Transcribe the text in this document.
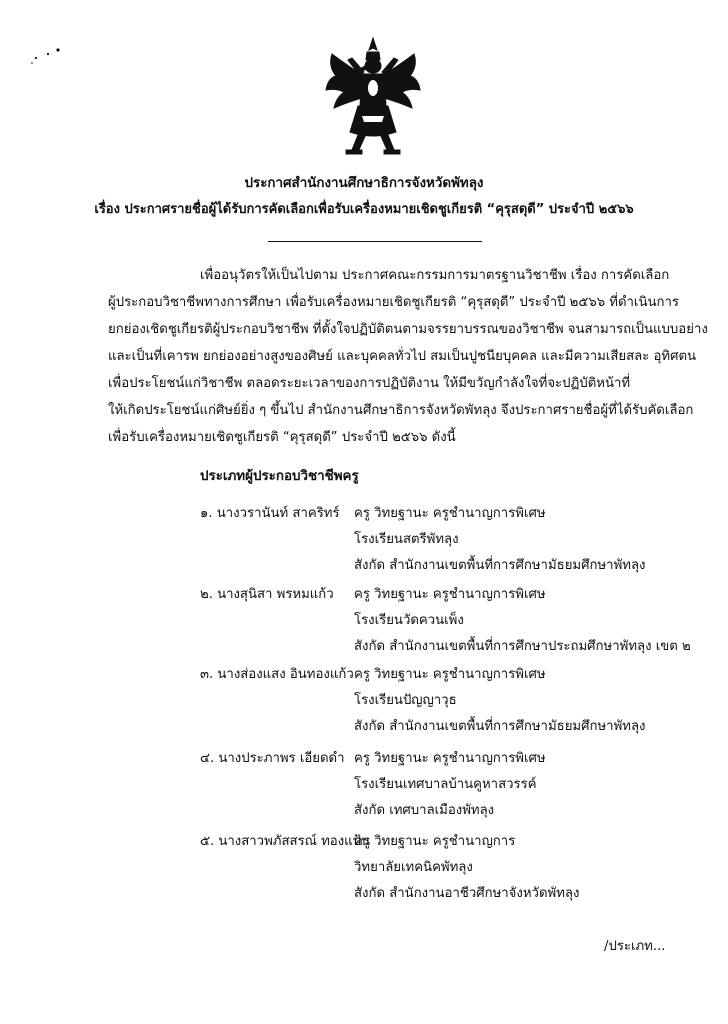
ประกาศสำนักงานศึกษาธิการจังหวัดพัทลุง
เรื่อง ประกาศรายชื่อผู้ได้รับการคัดเลือกเพื่อรับเครื่องหมายเชิดชูเกียรติ “คุรุสดุดี” ประจำปี ๒๕๖๖
เพื่ออนุวัตรให้เป็นไปตาม ประกาศคณะกรรมการมาตรฐานวิชาชีพ เรื่อง การคัดเลือก
ผู้ประกอบวิชาชีพทางการศึกษา เพื่อรับเครื่องหมายเชิดชูเกียรติ “คุรุสดุดี” ประจำปี ๒๕๖๖ ที่ดำเนินการ
ยกย่องเชิดชูเกียรติผู้ประกอบวิชาชีพ ที่ตั้งใจปฏิบัติตนตามจรรยาบรรณของวิชาชีพ จนสามารถเป็นแบบอย่าง
และเป็นที่เคารพ ยกย่องอย่างสูงของศิษย์ และบุคคลทั่วไป สมเป็นปูชนียบุคคล และมีความเสียสละ อุทิศตน
เพื่อประโยชน์แก่วิชาชีพ ตลอดระยะเวลาของการปฏิบัติงาน ให้มีขวัญกำลังใจที่จะปฏิบัติหน้าที่
ให้เกิดประโยชน์แก่ศิษย์ยิ่ง ๆ ขึ้นไป สำนักงานศึกษาธิการจังหวัดพัทลุง จึงประกาศรายชื่อผู้ที่ได้รับคัดเลือก
เพื่อรับเครื่องหมายเชิดชูเกียรติ “คุรุสดุดี” ประจำปี ๒๕๖๖ ดังนี้
ประเภทผู้ประกอบวิชาชีพครู
๑. นางวรานันท์ สาคริทร์ ครู วิทยฐานะ ครูชำนาญการพิเศษ
โรงเรียนสตรีพัทลุง
สังกัด สำนักงานเขตพื้นที่การศึกษามัธยมศึกษาพัทลุง
๒. นางสุนิสา พรหมแก้ว ครู วิทยฐานะ ครูชำนาญการพิเศษ
โรงเรียนวัดควนเพ็ง
สังกัด สำนักงานเขตพื้นที่การศึกษาประถมศึกษาพัทลุง เขต ๒
๓. นางส่องแสง อินทองแก้ว ครู วิทยฐานะ ครูชำนาญการพิเศษ
โรงเรียนปัญญาวุธ
สังกัด สำนักงานเขตพื้นที่การศึกษามัธยมศึกษาพัทลุง
๔. นางประภาพร เอียดดำ ครู วิทยฐานะ ครูชำนาญการพิเศษ
โรงเรียนเทศบาลบ้านคูหาสวรรค์
สังกัด เทศบาลเมืองพัทลุง
๕. นางสาวพภัสสรณ์ ทองแป้น
ครู วิทยฐานะ ครูชำนาญการ
วิทยาลัยเทคนิคพัทลุง
สังกัด สำนักงานอาชีวศึกษาจังหวัดพัทลุง
/ประเภท...
